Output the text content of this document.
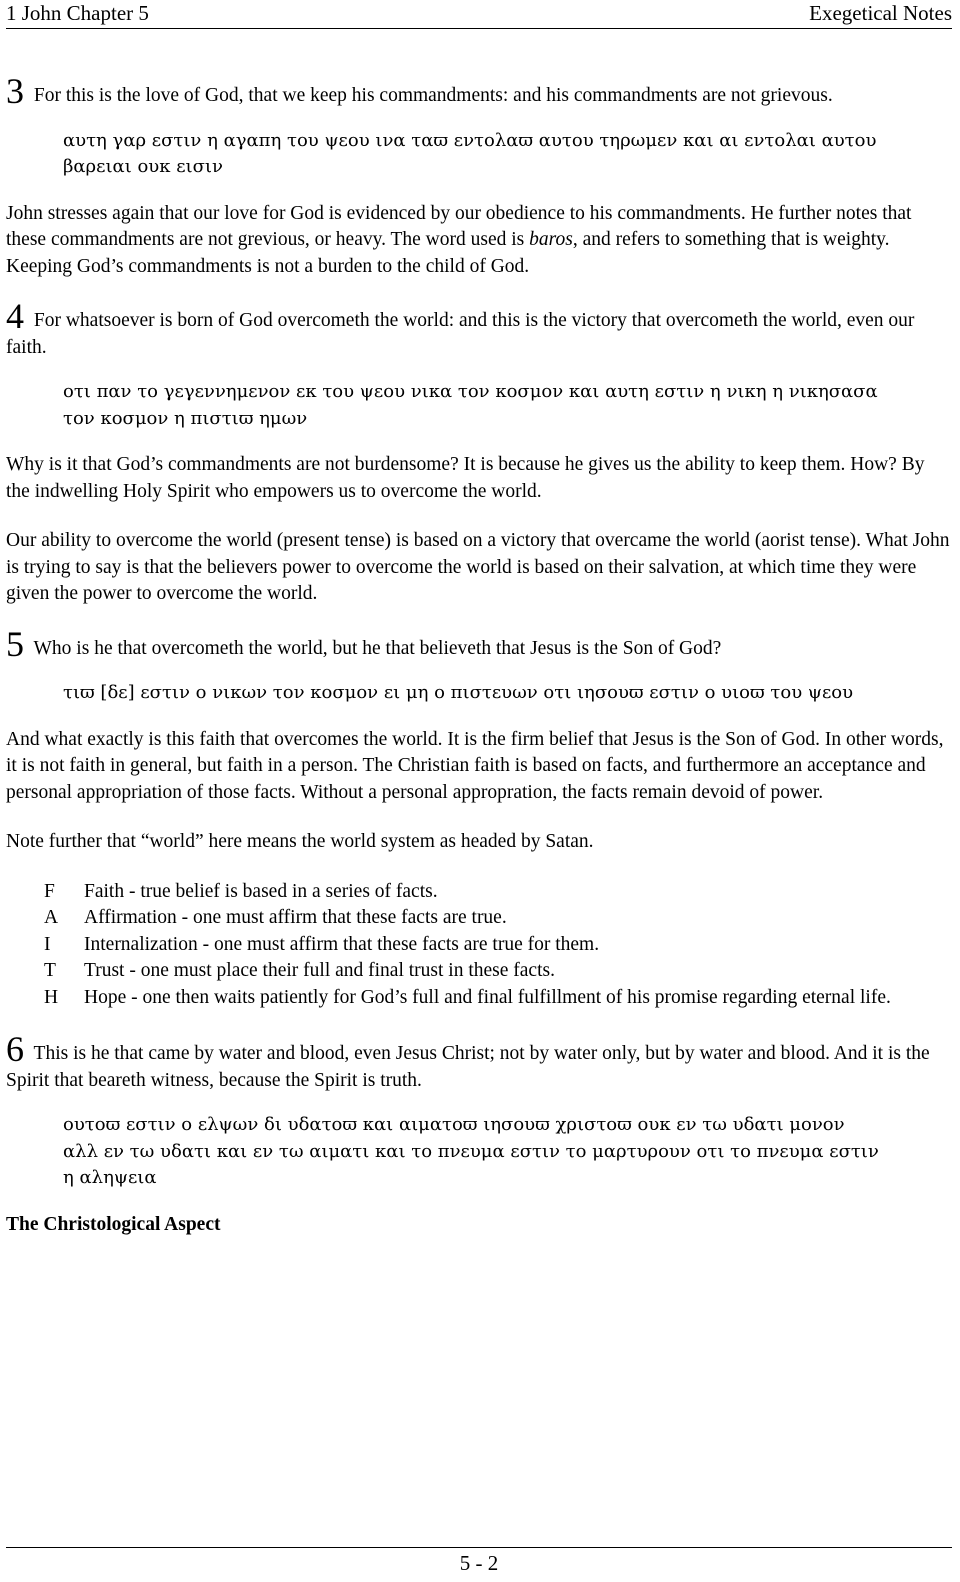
1 John Chapter 5	Exegetical Notes
3 For this is the love of God, that we keep his commandments: and his commandments are not grievous.
αυτη γαρ εστιν η αγαπη του ψεου ινα ταϖ εντολαϖ αυτου τηρωμεν και αι εντολαι αυτου βαρειαι ουκ εισιν
John stresses again that our love for God is evidenced by our obedience to his commandments. He further notes that these commandments are not grevious, or heavy. The word used is baros, and refers to something that is weighty. Keeping God’s commandments is not a burden to the child of God.
4 For whatsoever is born of God overcometh the world: and this is the victory that overcometh the world, even our faith.
οτι παν το γεγεννημενον εκ του ψεου νικα τον κοσμον και αυτη εστιν η νικη η νικησασα τον κοσμον η πιστιϖ ημων
Why is it that God’s commandments are not burdensome? It is because he gives us the ability to keep them. How? By the indwelling Holy Spirit who empowers us to overcome the world.
Our ability to overcome the world (present tense) is based on a victory that overcame the world (aorist tense). What John is trying to say is that the believers power to overcome the world is based on their salvation, at which time they were given the power to overcome the world.
5 Who is he that overcometh the world, but he that believeth that Jesus is the Son of God?
τιϖ [δε] εστιν ο νικων τον κοσμον ει μη ο πιστευων οτι ιησουϖ εστιν ο υιοϖ του ψεου
And what exactly is this faith that overcomes the world. It is the firm belief that Jesus is the Son of God. In other words, it is not faith in general, but faith in a person. The Christian faith is based on facts, and furthermore an acceptance and personal appropriation of those facts. Without a personal appropration, the facts remain devoid of power.
Note further that “world” here means the world system as headed by Satan.
F	Faith - true belief is based in a series of facts.
A	Affirmation - one must affirm that these facts are true.
I	Internalization - one must affirm that these facts are true for them.
T	Trust - one must place their full and final trust in these facts.
H	Hope - one then waits patiently for God’s full and final fulfillment of his promise regarding eternal life.
6 This is he that came by water and blood, even Jesus Christ; not by water only, but by water and blood. And it is the Spirit that beareth witness, because the Spirit is truth.
ουτοϖ εστιν ο ελψων δι υδατοϖ και αιματοϖ ιησουϖ χριστοϖ ουκ εν τω υδατι μονον αλλ εν τω υδατι και εν τω αιματι και το πνευμα εστιν το μαρτυρουν οτι το πνευμα εστιν η αληψεια
The Christological Aspect
5 - 2
